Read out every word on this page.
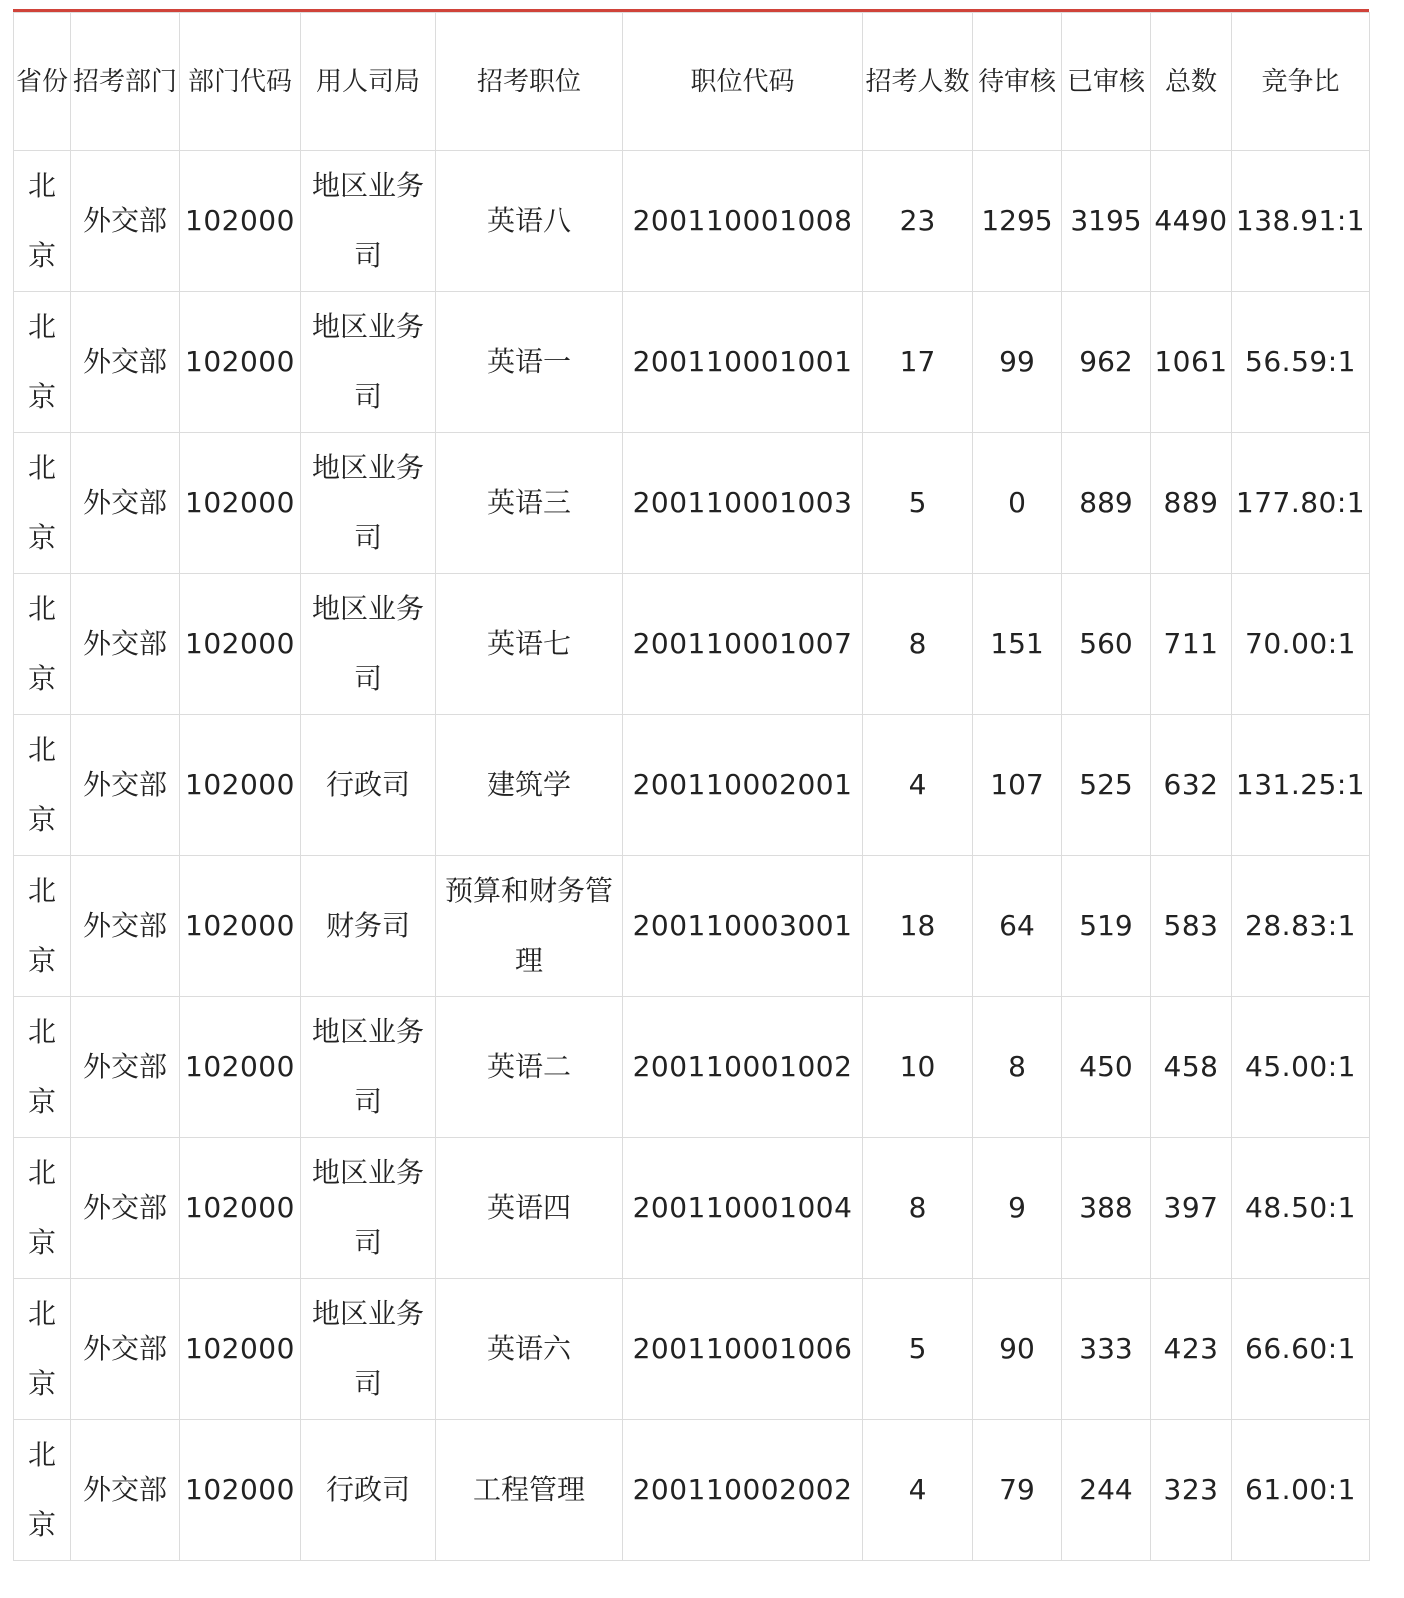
省份	招考部门	部门代码	用人司局	招考职位	职位代码	招考人数	待审核	已审核	总数	竞争比
北京	外交部	102000	地区业务司	英语八	200110001008	23	1295	3195	4490	138.91:1
北京	外交部	102000	地区业务司	英语一	200110001001	17	99	962	1061	56.59:1
北京	外交部	102000	地区业务司	英语三	200110001003	5	0	889	889	177.80:1
北京	外交部	102000	地区业务司	英语七	200110001007	8	151	560	711	70.00:1
北京	外交部	102000	行政司	建筑学	200110002001	4	107	525	632	131.25:1
北京	外交部	102000	财务司	预算和财务管理	200110003001	18	64	519	583	28.83:1
北京	外交部	102000	地区业务司	英语二	200110001002	10	8	450	458	45.00:1
北京	外交部	102000	地区业务司	英语四	200110001004	8	9	388	397	48.50:1
北京	外交部	102000	地区业务司	英语六	200110001006	5	90	333	423	66.60:1
北京	外交部	102000	行政司	工程管理	200110002002	4	79	244	323	61.00:1
